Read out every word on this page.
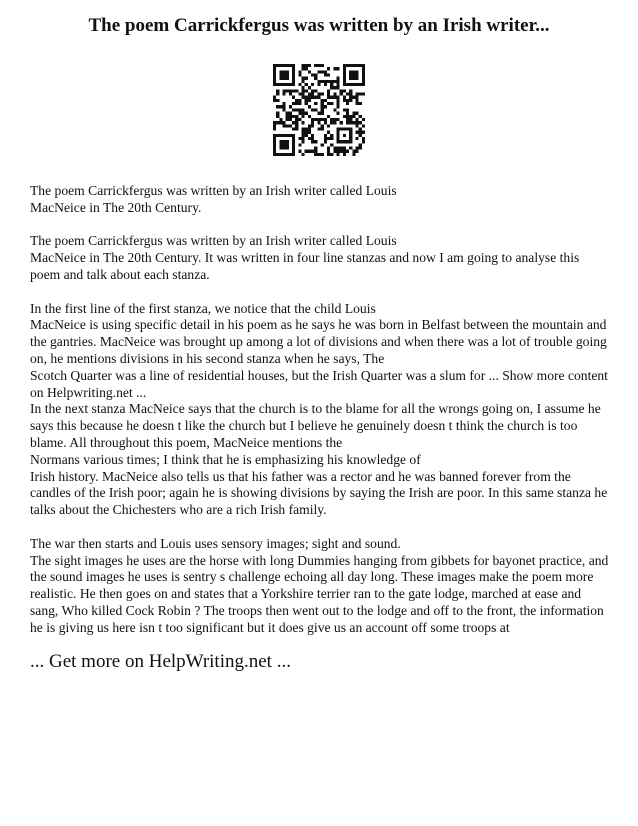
The poem Carrickfergus was written by an Irish writer...

The poem Carrickfergus was written by an Irish writer called Louis
MacNeice in The 20th Century.

The poem Carrickfergus was written by an Irish writer called Louis
MacNeice in The 20th Century. It was written in four line stanzas and now I am going to analyse this poem and talk about each stanza.

In the first line of the first stanza, we notice that the child Louis
MacNeice is using specific detail in his poem as he says he was born in Belfast between the mountain and the gantries. MacNeice was brought up among a lot of divisions and when there was a lot of trouble going on, he mentions divisions in his second stanza when he says, The
Scotch Quarter was a line of residential houses, but the Irish Quarter was a slum for ... Show more content on Helpwriting.net ...
In the next stanza MacNeice says that the church is to the blame for all the wrongs going on, I assume he says this because he doesn t like the church but I believe he genuinely doesn t think the church is too blame. All throughout this poem, MacNeice mentions the
Normans various times; I think that he is emphasizing his knowledge of
Irish history. MacNeice also tells us that his father was a rector and he was banned forever from the candles of the Irish poor; again he is showing divisions by saying the Irish are poor. In this same stanza he talks about the Chichesters who are a rich Irish family.

The war then starts and Louis uses sensory images; sight and sound.
The sight images he uses are the horse with long Dummies hanging from gibbets for bayonet practice, and the sound images he uses is sentry s challenge echoing all day long. These images make the poem more realistic. He then goes on and states that a Yorkshire terrier ran to the gate lodge, marched at ease and sang, Who killed Cock Robin ? The troops then went out to the lodge and off to the front, the information he is giving us here isn t too significant but it does give us an account off some troops at

... Get more on HelpWriting.net ...
